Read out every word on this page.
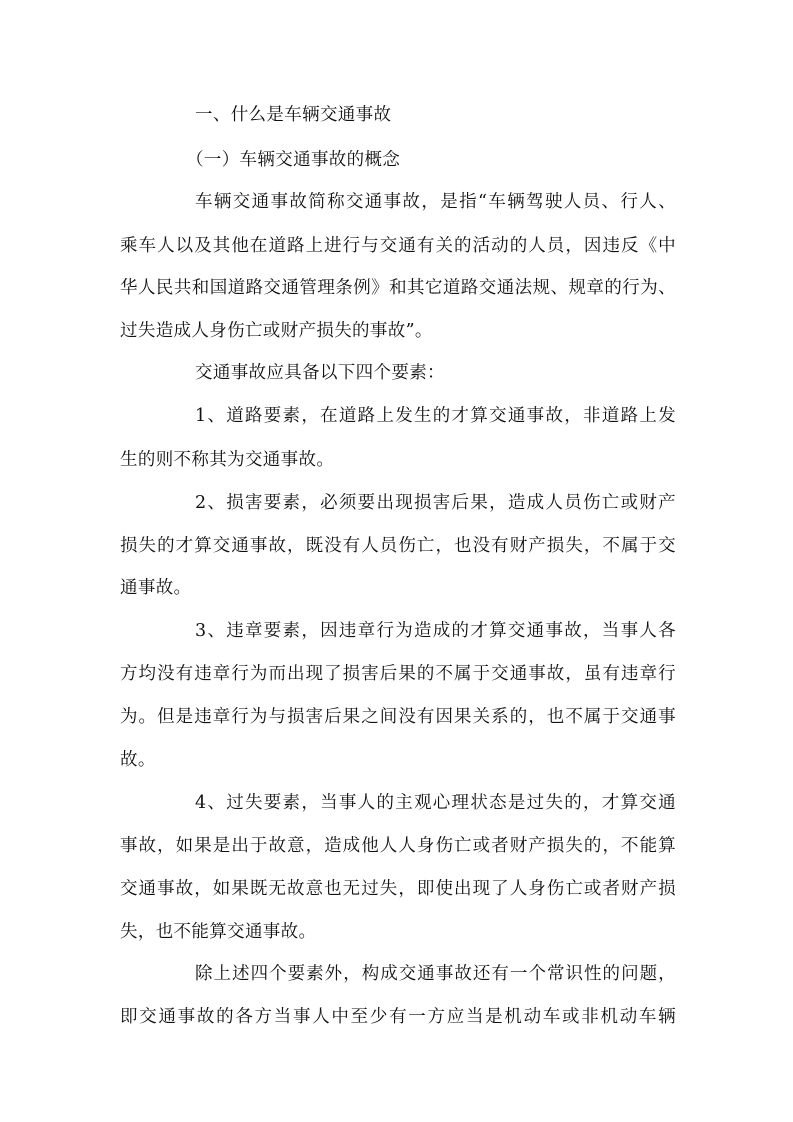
一、什么是车辆交通事故
（一）车辆交通事故的概念
车辆交通事故简称交通事故，是指“车辆驾驶人员、行人、
乘车人以及其他在道路上进行与交通有关的活动的人员，因违反《中
华人民共和国道路交通管理条例》和其它道路交通法规、规章的行为、
过失造成人身伤亡或财产损失的事故”。
交通事故应具备以下四个要素：
1、道路要素，在道路上发生的才算交通事故，非道路上发
生的则不称其为交通事故。
2、损害要素，必须要出现损害后果，造成人员伤亡或财产
损失的才算交通事故，既没有人员伤亡，也没有财产损失，不属于交
通事故。
3、违章要素，因违章行为造成的才算交通事故，当事人各
方均没有违章行为而出现了损害后果的不属于交通事故，虽有违章行
为。但是违章行为与损害后果之间没有因果关系的，也不属于交通事
故。
4、过失要素，当事人的主观心理状态是过失的，才算交通
事故，如果是出于故意，造成他人人身伤亡或者财产损失的，不能算
交通事故，如果既无故意也无过失，即使出现了人身伤亡或者财产损
失，也不能算交通事故。
除上述四个要素外，构成交通事故还有一个常识性的问题，
即交通事故的各方当事人中至少有一方应当是机动车或非机动车辆
